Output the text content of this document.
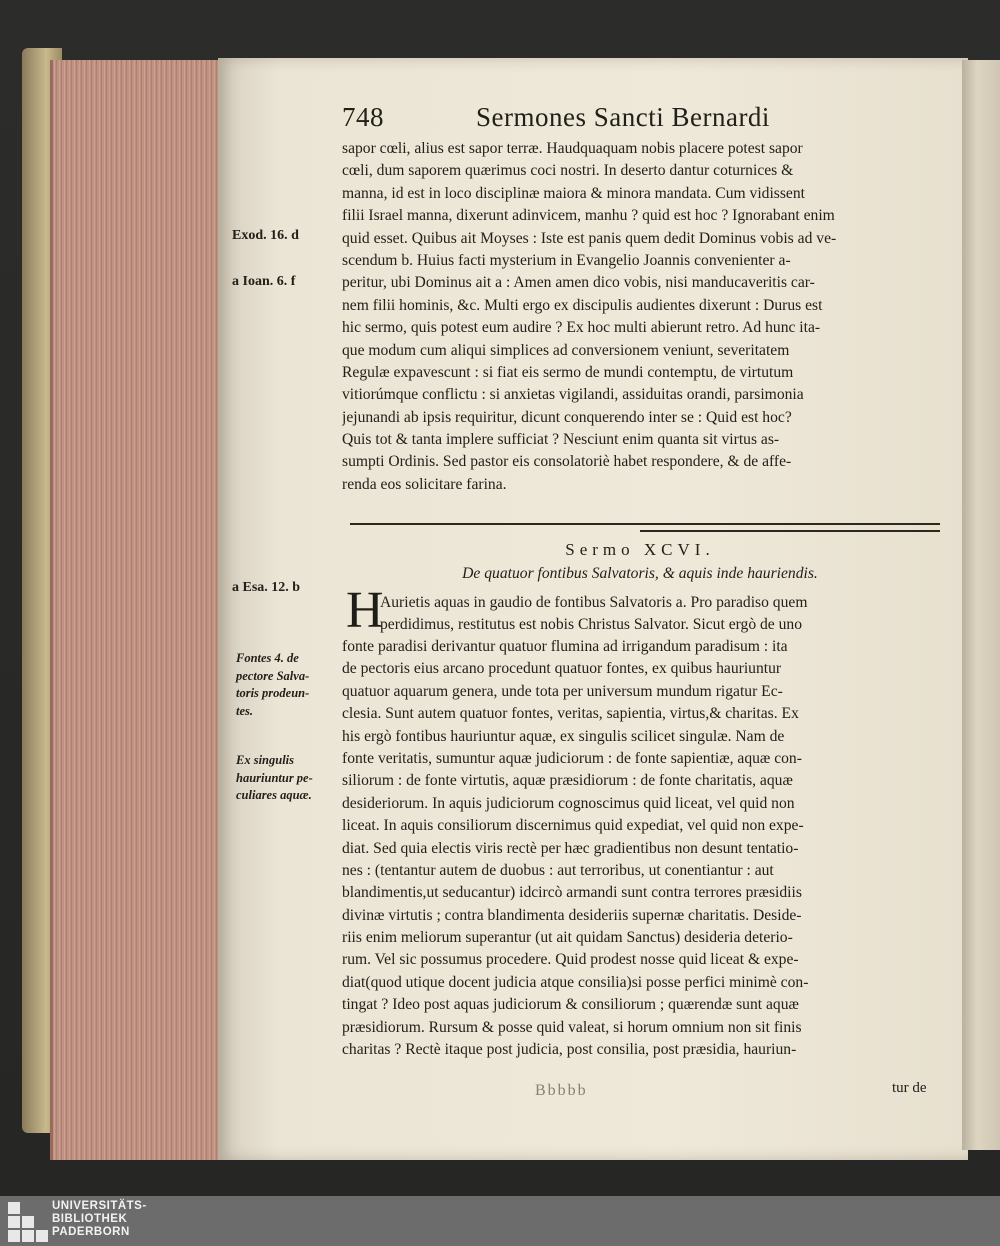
748	Sermones Sancti Bernardi
sapor cœli, alius est sapor terræ. Haudquaquam nobis placere potest sapor
cœli, dum saporem quærimus coci nostri. In deserto dantur coturnices &
manna, id est in loco disciplinæ maiora & minora mandata. Cum vidissent
filii Israel manna, dixerunt adinvicem, manhu ? quid est hoc ? Ignorabant enim
quid esset. Quibus ait Moyses : Iste est panis quem dedit Dominus vobis ad ve-
scendum b. Huius facti mysterium in Evangelio Joannis convenienter a-
peritur, ubi Dominus ait a : Amen amen dico vobis, nisi manducaveritis car-
nem filii hominis, &c. Multi ergo ex discipulis audientes dixerunt : Durus est
hic sermo, quis potest eum audire ? Ex hoc multi abierunt retro. Ad hunc ita-
que modum cum aliqui simplices ad conversionem veniunt, severitatem
Regulæ expavescunt : si fiat eis sermo de mundi contemptu, de virtutum
vitiorúmque conflictu : si anxietas vigilandi, assiduitas orandi, parsimonia
jejunandi ab ipsis requiritur, dicunt conquerendo inter se : Quid est hoc?
Quis tot & tanta implere sufficiat ? Nesciunt enim quanta sit virtus as-
sumpti Ordinis. Sed pastor eis consolatoriè habet respondere, & de affe-
renda eos solicitare farina.
Exod. 16. d
a Ioan. 6. f
Sermo XCVI.
De quatuor fontibus Salvatoris, & aquis inde hauriendis.
a Esa. 12. b H
Aurietis aquas in gaudio de fontibus Salvatoris a. Pro paradiso quem
perdidimus, restitutus est nobis Christus Salvator. Sicut ergò de uno
fonte paradisi derivantur quatuor flumina ad irrigandum paradisum : ita
de pectoris eius arcano procedunt quatuor fontes, ex quibus hauriuntur
quatuor aquarum genera, unde tota per universum mundum rigatur Ec-
clesia. Sunt autem quatuor fontes, veritas, sapientia, virtus,& charitas. Ex
his ergò fontibus hauriuntur aquæ, ex singulis scilicet singulæ. Nam de
fonte veritatis, sumuntur aquæ judiciorum : de fonte sapientiæ, aquæ con-
siliorum : de fonte virtutis, aquæ præsidiorum : de fonte charitatis, aquæ
desideriorum. In aquis judiciorum cognoscimus quid liceat, vel quid non
liceat. In aquis consiliorum discernimus quid expediat, vel quid non expe-
diat. Sed quia electis viris rectè per hæc gradientibus non desunt tentatio-
nes : (tentantur autem de duobus : aut terroribus, ut conentiantur : aut
blandimentis,ut seducantur) idcircò armandi sunt contra terrores præsidiis
divinæ virtutis ; contra blandimenta desideriis supernæ charitatis. Deside-
riis enim meliorum superantur (ut ait quidam Sanctus) desideria deterio-
rum. Vel sic possumus procedere. Quid prodest nosse quid liceat & expe-
diat(quod utique docent judicia atque consilia)si posse perfici minimè con-
tingat ? Ideo post aquas judiciorum & consiliorum ; quærendæ sunt aquæ
præsidiorum. Rursum & posse quid valeat, si horum omnium non sit finis
charitas ? Rectè itaque post judicia, post consilia, post præsidia, hauriun-
Fontes 4. de
pectore Salva-
toris prodeun-
tes.
Ex singulis
hauriuntur pe-
culiares aquæ.
Bbbbb	tur de
UNIVERSITÄTS-
BIBLIOTHEK
PADERBORN
